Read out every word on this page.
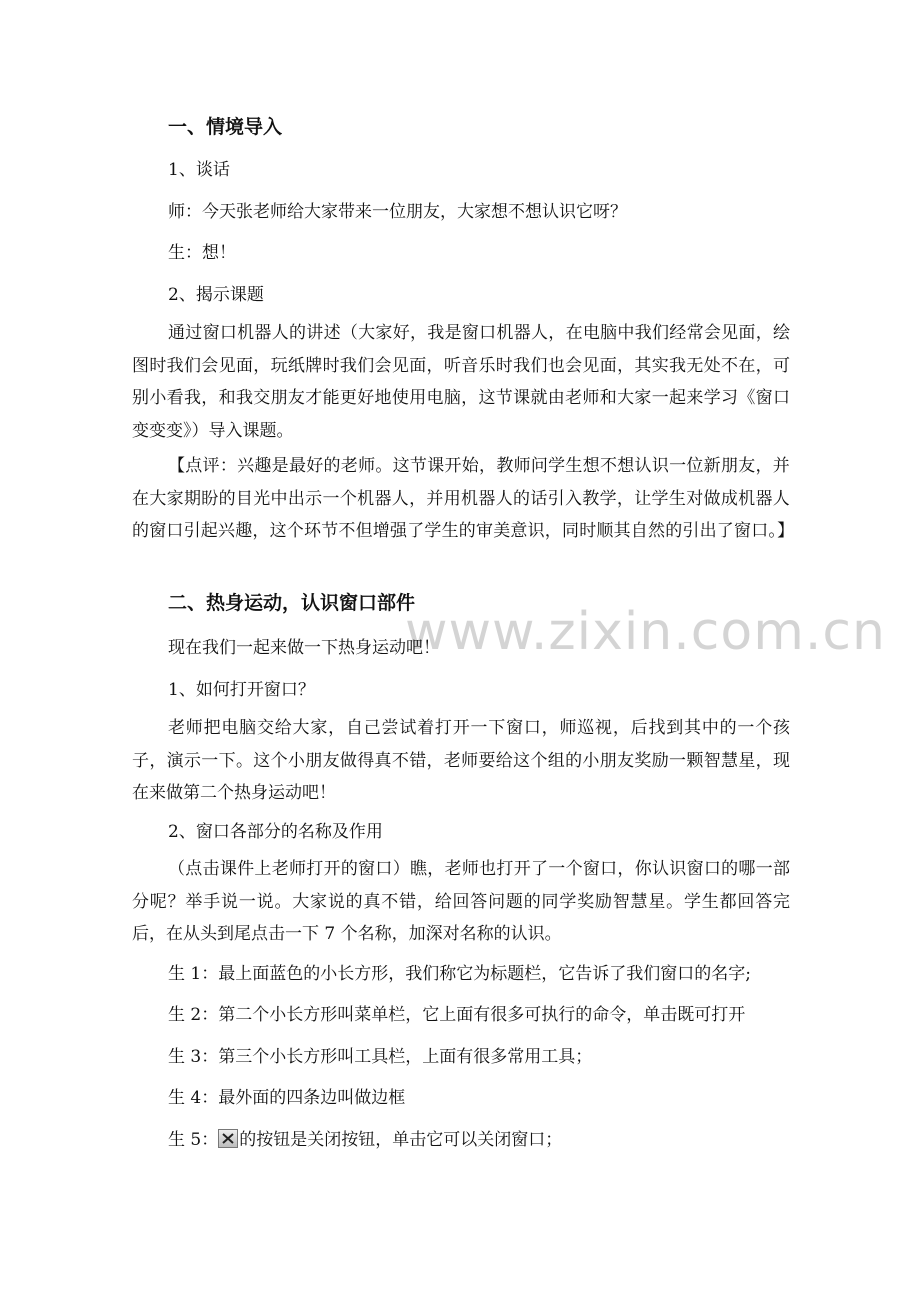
www.zixin.com.cn
一、情境导入
1、谈话
师：今天张老师给大家带来一位朋友，大家想不想认识它呀？
生：想！
2、揭示课题
通过窗口机器人的讲述（大家好，我是窗口机器人，在电脑中我们经常会见面，绘图时我们会见面，玩纸牌时我们会见面，听音乐时我们也会见面，其实我无处不在，可别小看我，和我交朋友才能更好地使用电脑，这节课就由老师和大家一起来学习《窗口变变变》）导入课题。
【点评：兴趣是最好的老师。这节课开始，教师问学生想不想认识一位新朋友，并在大家期盼的目光中出示一个机器人，并用机器人的话引入教学，让学生对做成机器人的窗口引起兴趣，这个环节不但增强了学生的审美意识，同时顺其自然的引出了窗口。】
二、热身运动，认识窗口部件
现在我们一起来做一下热身运动吧！
1、如何打开窗口？
老师把电脑交给大家，自己尝试着打开一下窗口，师巡视，后找到其中的一个孩子，演示一下。这个小朋友做得真不错，老师要给这个组的小朋友奖励一颗智慧星，现在来做第二个热身运动吧！
2、窗口各部分的名称及作用
（点击课件上老师打开的窗口）瞧，老师也打开了一个窗口，你认识窗口的哪一部分呢？举手说一说。大家说的真不错，给回答问题的同学奖励智慧星。学生都回答完后，在从头到尾点击一下 7 个名称，加深对名称的认识。
生 1：最上面蓝色的小长方形，我们称它为标题栏，它告诉了我们窗口的名字;
生 2：第二个小长方形叫菜单栏，它上面有很多可执行的命令，单击既可打开
生 3：第三个小长方形叫工具栏，上面有很多常用工具；
生 4：最外面的四条边叫做边框
生 5： 的按钮是关闭按钮，单击它可以关闭窗口；
